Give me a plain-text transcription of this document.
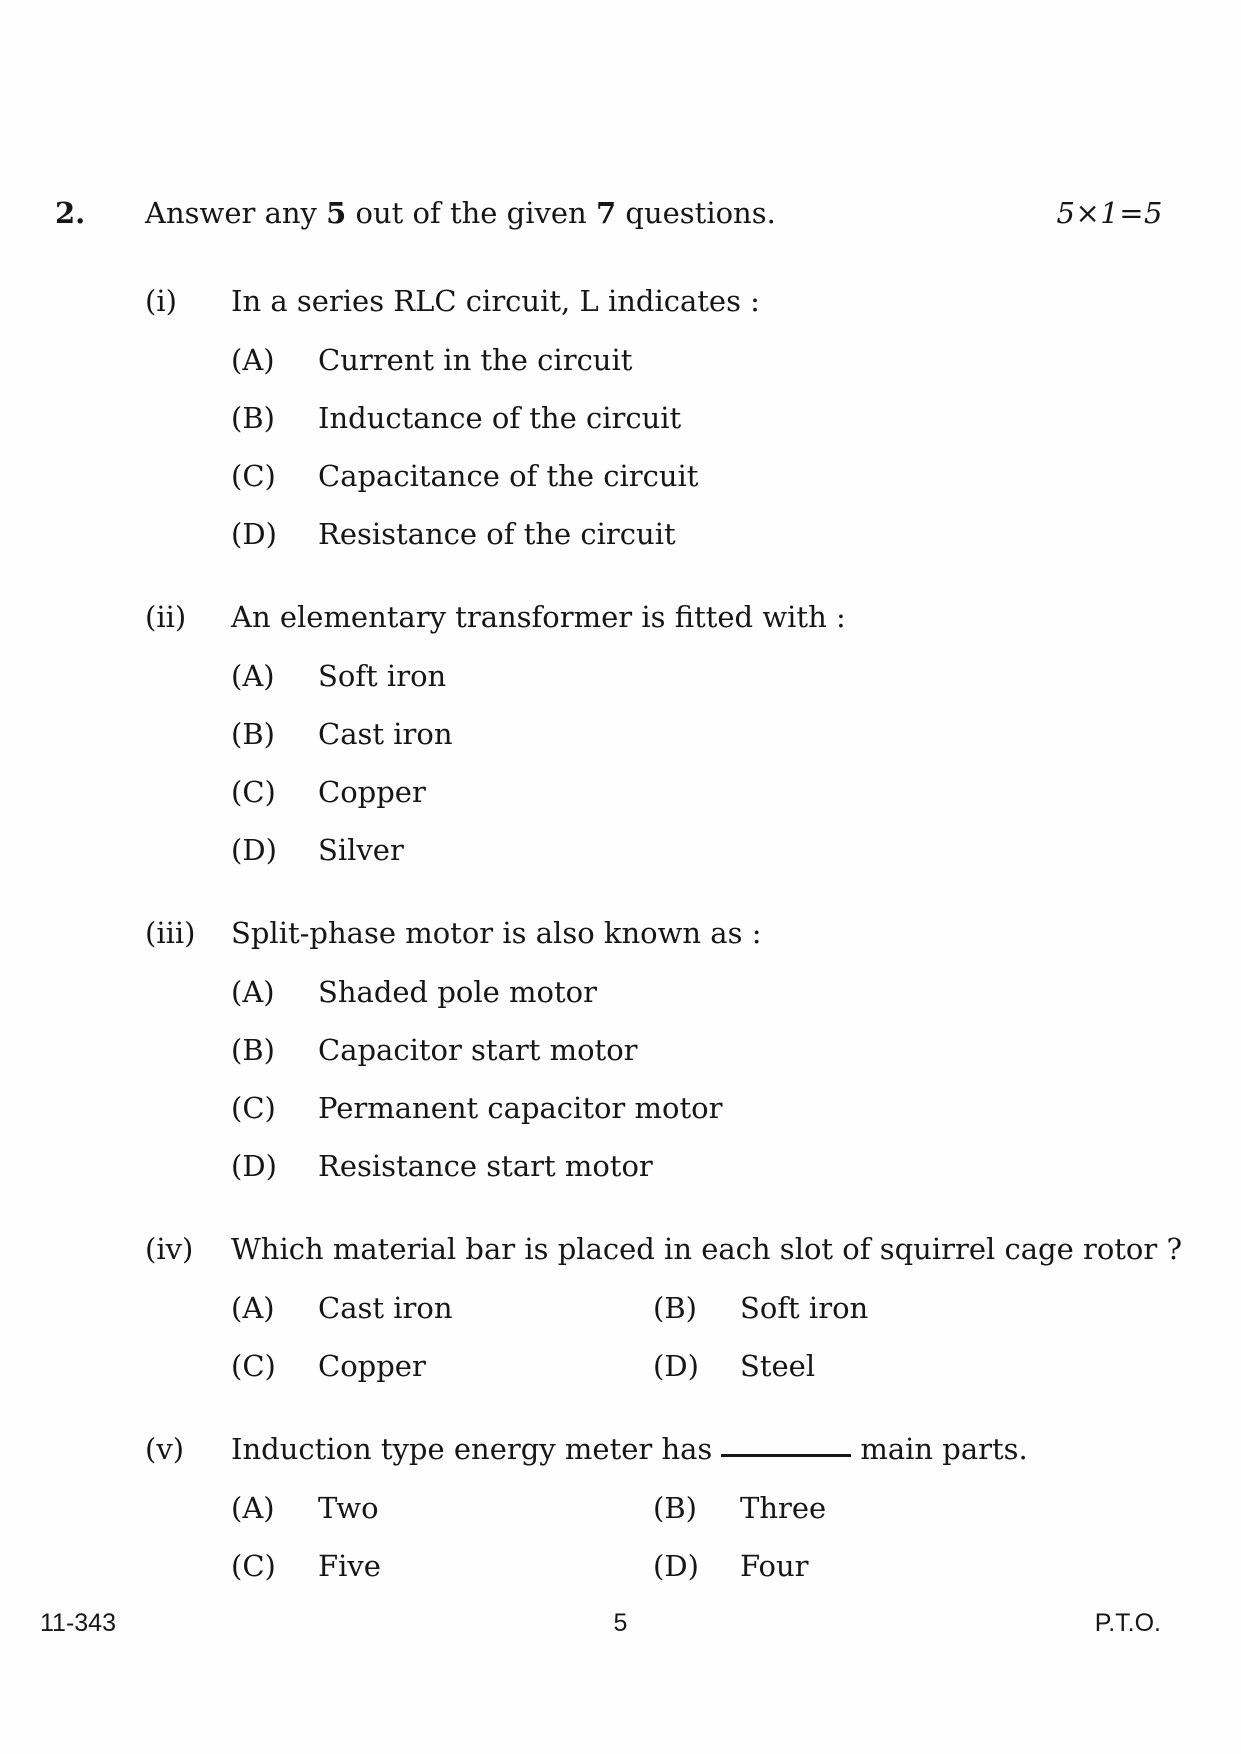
2.	Answer any 5 out of the given 7 questions.	5×1=5
(i)	In a series RLC circuit, L indicates :
(A)	Current in the circuit
(B)	Inductance of the circuit
(C)	Capacitance of the circuit
(D)	Resistance of the circuit
(ii)	An elementary transformer is fitted with :
(A)	Soft iron
(B)	Cast iron
(C)	Copper
(D)	Silver
(iii)	Split-phase motor is also known as :
(A)	Shaded pole motor
(B)	Capacitor start motor
(C)	Permanent capacitor motor
(D)	Resistance start motor
(iv)	Which material bar is placed in each slot of squirrel cage rotor ?
(A)	Cast iron	(B)	Soft iron
(C)	Copper	(D)	Steel
(v)	Induction type energy meter has	main parts.
(A)	Two	(B)	Three
(C)	Five	(D)	Four
11-343	5	P.T.O.
